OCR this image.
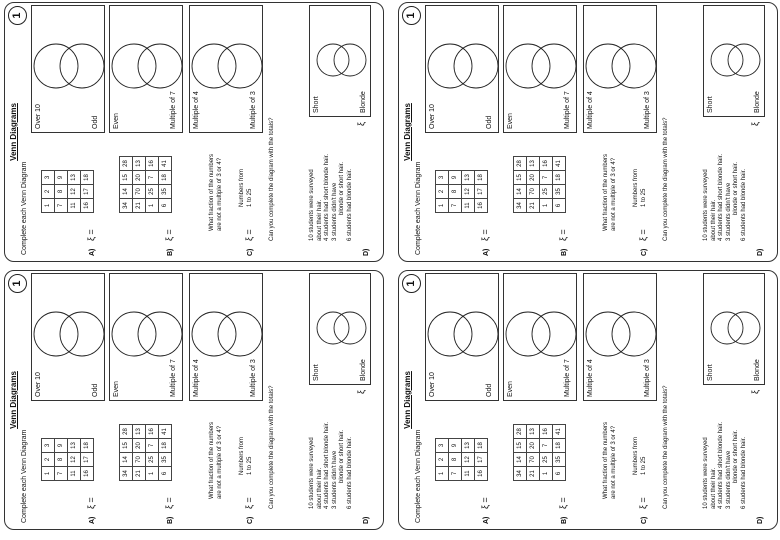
1
Venn Diagrams
Complete each Venn Diagram	A)
ξ =
1	2	3
7	8	9
11	12	13
16	17	18
Odd
Over 10
B)
ξ =
34	14	15	28
21	70	20	13
1	25	7	16
6	35	18	41
Multiple of 7
Even
C)
ξ =
Numbers from 1 to 25
What fraction of the numbers are not a multiple of 3 or 4?
Multiple of 3
Multiple of 4
D)
10 students were surveyed about their hair. 4 students had short blonde hair. 3 students didn't have blonde or short hair. 6 students had blonde hair.
Can you complete the diagram with the totals?	ξ
Blonde
Short
1
Venn Diagrams
Complete each Venn Diagram	A)
ξ =
1	2	3
7	8	9
11	12	13
16	17	18
Odd
Over 10
B)
ξ =
34	14	15	28
21	70	20	13
1	25	7	16
6	35	18	41
Multiple of 7
Even
C)
ξ =
Numbers from 1 to 25
What fraction of the numbers are not a multiple of 3 or 4?
Multiple of 3
Multiple of 4
D)
10 students were surveyed about their hair. 4 students had short blonde hair. 3 students didn't have blonde or short hair. 6 students had blonde hair.
Can you complete the diagram with the totals?	ξ
Blonde
Short
1
Venn Diagrams
Complete each Venn Diagram	A)
ξ =
1	2	3
7	8	9
11	12	13
16	17	18
Odd
Over 10
B)
ξ =
34	14	15	28
21	70	20	13
1	25	7	16
6	35	18	41
Multiple of 7
Even
C)
ξ =
Numbers from 1 to 25
What fraction of the numbers are not a multiple of 3 or 4?
Multiple of 3
Multiple of 4
D)
10 students were surveyed about their hair. 4 students had short blonde hair. 3 students didn't have blonde or short hair. 6 students had blonde hair.
Can you complete the diagram with the totals?	ξ
Blonde
Short
1
Venn Diagrams
Complete each Venn Diagram	A)
ξ =
1	2	3
7	8	9
11	12	13
16	17	18
Odd
Over 10
B)
ξ =
34	14	15	28
21	70	20	13
1	25	7	16
6	35	18	41
Multiple of 7
Even
C)
ξ =
Numbers from 1 to 25
What fraction of the numbers are not a multiple of 3 or 4?
Multiple of 3
Multiple of 4
D)
10 students were surveyed about their hair. 4 students had short blonde hair. 3 students didn't have blonde or short hair. 6 students had blonde hair.
Can you complete the diagram with the totals?	ξ
Blonde
Short
